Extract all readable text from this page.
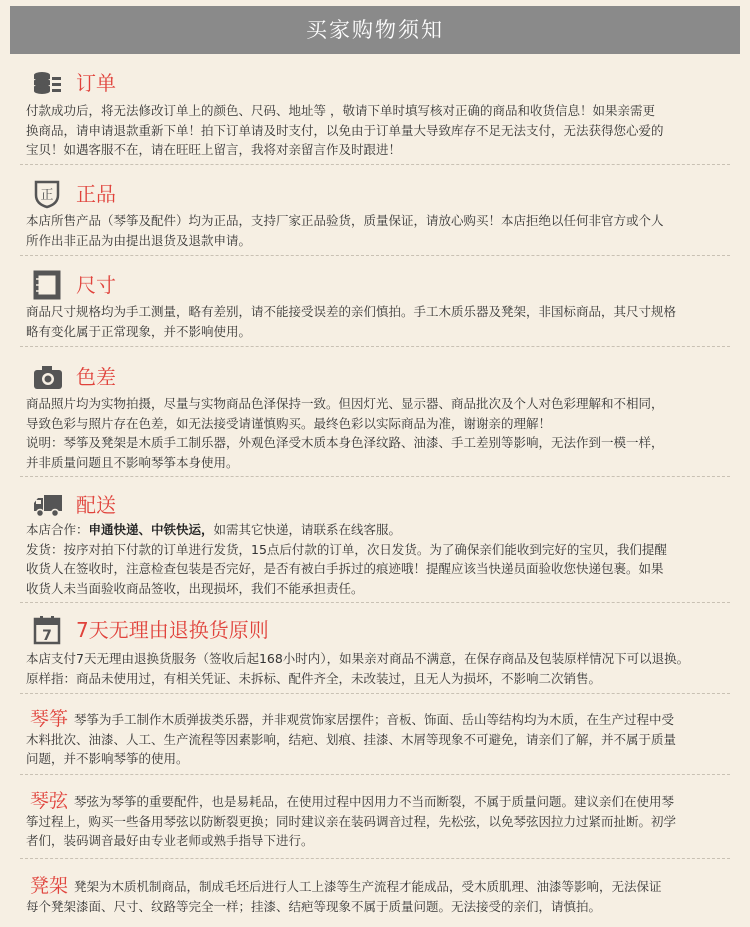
买家购物须知
订单
付款成功后，将无法修改订单上的颜色、尺码、地址等 ，敬请下单时填写核对正确的商品和收货信息！如果亲需更
换商品，请申请退款重新下单！拍下订单请及时支付，以免由于订单量大导致库存不足无法支付，无法获得您心爱的
宝贝！如遇客服不在，请在旺旺上留言，我将对亲留言作及时跟进！
正 正品
本店所售产品（琴筝及配件）均为正品，支持厂家正品验货，质量保证，请放心购买！本店拒绝以任何非官方或个人
所作出非正品为由提出退货及退款申请。
尺寸
商品尺寸规格均为手工测量，略有差别，请不能接受误差的亲们慎拍。手工木质乐器及凳架，非国标商品，其尺寸规格
略有变化属于正常现象，并不影响使用。
色差
商品照片均为实物拍摄，尽量与实物商品色泽保持一致。但因灯光、显示器、商品批次及个人对色彩理解和不相同，
导致色彩与照片存在色差，如无法接受请谨慎购买。最终色彩以实际商品为准，谢谢亲的理解！
说明：琴筝及凳架是木质手工制乐器，外观色泽受木质本身色泽纹路、油漆、手工差别等影响，无法作到一模一样，
并非质量问题且不影响琴筝本身使用。
配送
本店合作：申通快递、中铁快运，如需其它快递，请联系在线客服。
发货：按序对拍下付款的订单进行发货，15点后付款的订单，次日发货。为了确保亲们能收到完好的宝贝，我们提醒
收货人在签收时，注意检查包装是否完好，是否有被白手拆过的痕迹哦！提醒应该当快递员面验收您快递包裹。如果
收货人未当面验收商品签收，出现损坏，我们不能承担责任。
7 7天无理由退换货原则
本店支付7天无理由退换货服务（签收后起168小时内），如果亲对商品不满意，在保存商品及包装原样情况下可以退换。
原样指：商品未使用过，有相关凭证、未拆标、配件齐全，未改装过，且无人为损坏，不影响二次销售。
琴筝 琴筝为手工制作木质弹拔类乐器，并非观赏饰家居摆件；音板、饰面、岳山等结构均为木质，在生产过程中受
木料批次、油漆、人工、生产流程等因素影响，结疤、划痕、挂漆、木屑等现象不可避免，请亲们了解，并不属于质量
问题，并不影响琴筝的使用。
琴弦 琴弦为琴筝的重要配件，也是易耗品，在使用过程中因用力不当而断裂，不属于质量问题。建议亲们在使用琴
筝过程上，购买一些备用琴弦以防断裂更换；同时建议亲在装码调音过程，先松弦，以免琴弦因拉力过紧而扯断。初学
者们，装码调音最好由专业老师或熟手指导下进行。
凳架 凳架为木质机制商品，制成毛坯后进行人工上漆等生产流程才能成品，受木质肌理、油漆等影响，无法保证
每个凳架漆面、尺寸、纹路等完全一样；挂漆、结疤等现象不属于质量问题。无法接受的亲们，请慎拍。
